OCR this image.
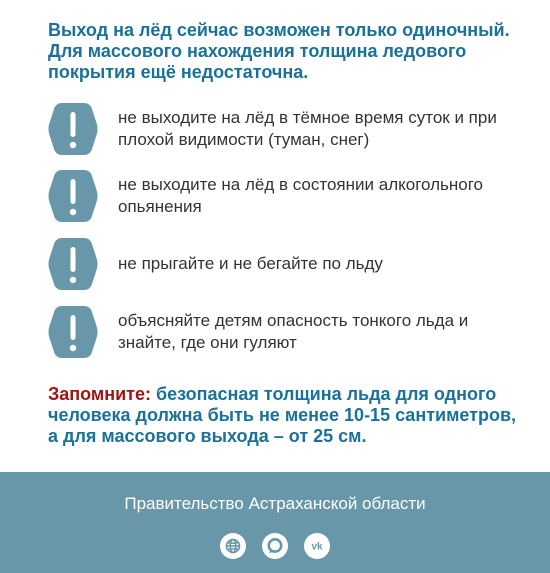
Выход на лёд сейчас возможен только одиночный. Для массового нахождения толщина ледового покрытия ещё недостаточна.

не выходите на лёд в тёмное время суток и при плохой видимости (туман, снег)
не выходите на лёд в состоянии алкогольного опьянения
не прыгайте и не бегайте по льду
объясняйте детям опасность тонкого льда и знайте, где они гуляют

Запомните: безопасная толщина льда для одного человека должна быть не менее 10-15 сантиметров, а для массового выхода – от 25 см.

Правительство Астраханской области

vk
